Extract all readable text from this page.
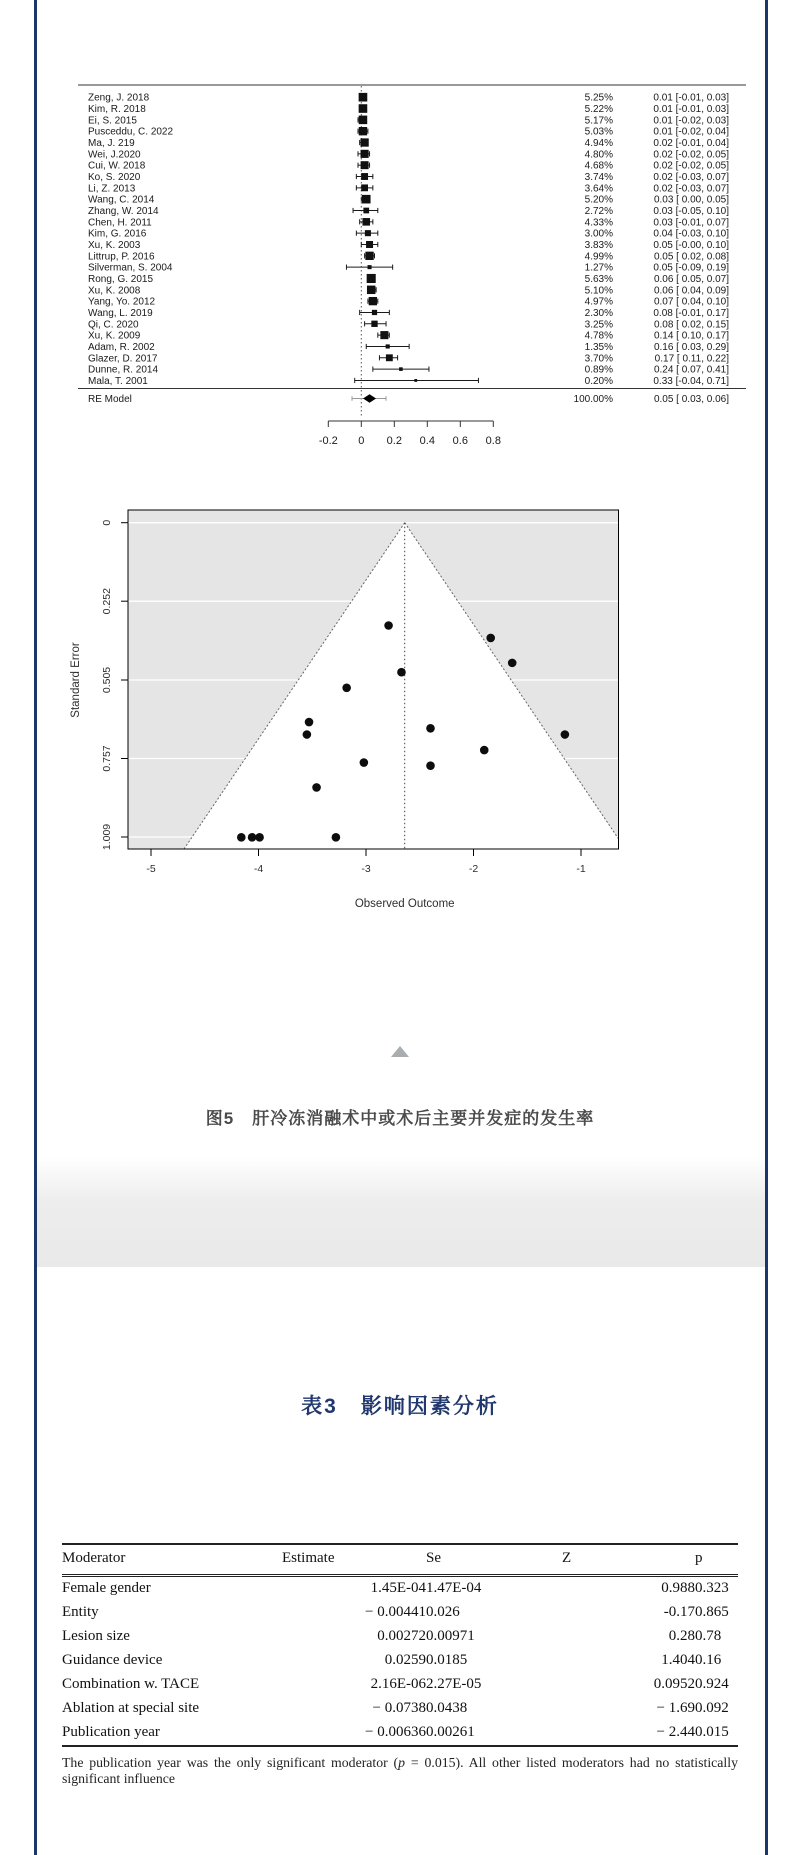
Zeng, J. 2018	5.25%	0.01 [-0.01, 0.03]
Kim, R. 2018	5.22%	0.01 [-0.01, 0.03]
Ei, S. 2015	5.17%	0.01 [-0.02, 0.03]
Pusceddu, C. 2022	5.03%	0.01 [-0.02, 0.04]
Ma, J. 219	4.94%	0.02 [-0.01, 0.04]
Wei, J.2020	4.80%	0.02 [-0.02, 0.05]
Cui, W. 2018	4.68%	0.02 [-0.02, 0.05]
Ko, S. 2020	3.74%	0.02 [-0.03, 0.07]
Li, Z. 2013	3.64%	0.02 [-0.03, 0.07]
Wang, C. 2014	5.20%	0.03 [ 0.00, 0.05]
Zhang, W. 2014	2.72%	0.03 [-0.05, 0.10]
Chen, H. 2011	4.33%	0.03 [-0.01, 0.07]
Kim, G. 2016	3.00%	0.04 [-0.03, 0.10]
Xu, K. 2003	3.83%	0.05 [-0.00, 0.10]
Littrup, P. 2016	4.99%	0.05 [ 0.02, 0.08]
Silverman, S. 2004	1.27%	0.05 [-0.09, 0.19]
Rong, G. 2015	5.63%	0.06 [ 0.05, 0.07]
Xu, K. 2008	5.10%	0.06 [ 0.04, 0.09]
Yang, Yo. 2012	4.97%	0.07 [ 0.04, 0.10]
Wang, L. 2019	2.30%	0.08 [-0.01, 0.17]
Qi, C. 2020	3.25%	0.08 [ 0.02, 0.15]
Xu, K. 2009	4.78%	0.14 [ 0.10, 0.17]
Adam, R. 2002	1.35%	0.16 [ 0.03, 0.29]
Glazer, D. 2017	3.70%	0.17 [ 0.11, 0.22]
Dunne, R. 2014	0.89%	0.24 [ 0.07, 0.41]
Mala, T. 2001	0.20%	0.33 [-0.04, 0.71]
RE Model	100.00%	0.05 [ 0.03, 0.06]
-0.2 0 0.2 0.4 0.6 0.8
0
0.252
0.505
0.757
1.009
Standard Error
-5	-4	-3	-2	-1
Observed Outcome
图5　肝冷冻消融术中或术后主要并发症的发生率
表3　影响因素分析
Moderator	Estimate	Se	Z	p
Female gender	1.45E-04	1.47E-04	0.988	0.323
Entity	− 0.00441	0.026	-0.17	0.865
Lesion size	0.00272	0.00971	0.28	0.78
Guidance device	0.0259	0.0185	1.404	0.16
Combination w. TACE	2.16E-06	2.27E-05	0.0952	0.924
Ablation at special site	− 0.0738	0.0438	− 1.69	0.092
Publication year	− 0.00636	0.00261	− 2.44	0.015

The publication year was the only significant moderator (p = 0.015). All other listed moderators had no statistically significant influence
